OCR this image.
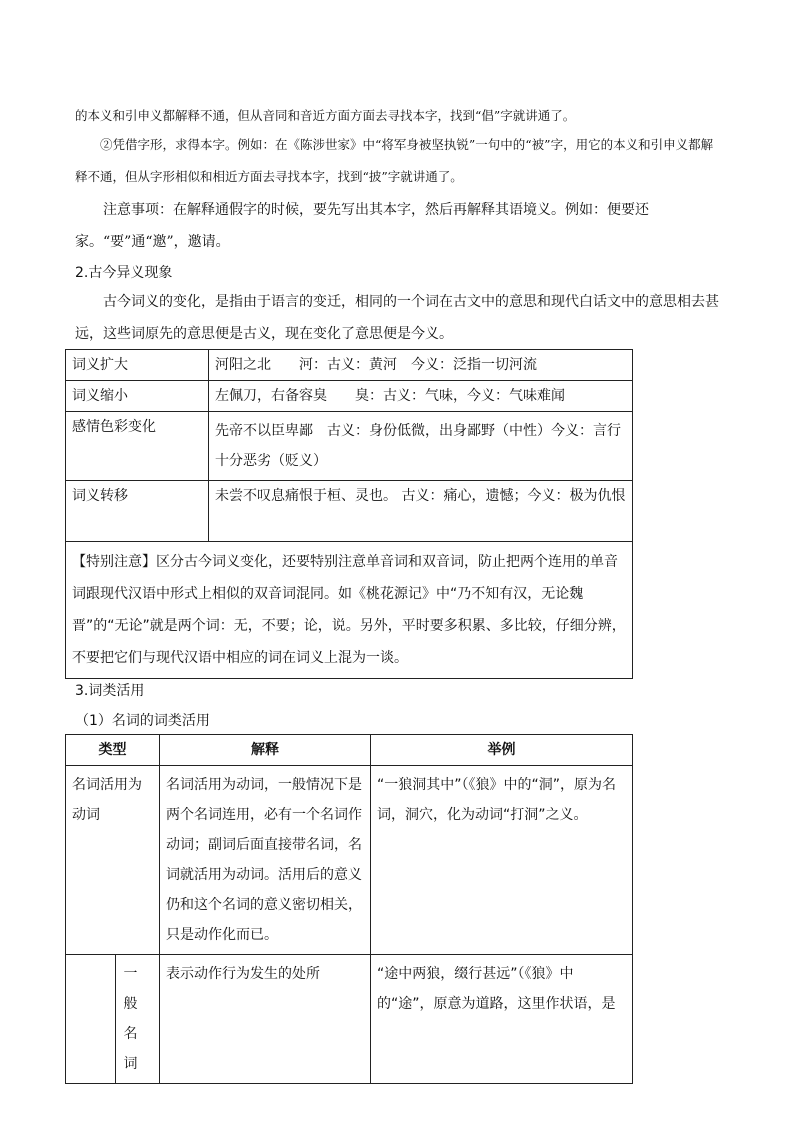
的本义和引申义都解释不通，但从音同和音近方面方面去寻找本字，找到“倡”字就讲通了。
②凭借字形，求得本字。例如：在《陈涉世家》中“将军身被坚执锐”一句中的“被”字，用它的本义和引申义都解释不通，但从字形相似和相近方面去寻找本字，找到“披”字就讲通了。
注意事项：在解释通假字的时候，要先写出其本字，然后再解释其语境义。例如：便要还家。“要”通“邀”，邀请。
2.古今异义现象
古今词义的变化，是指由于语言的变迁，相同的一个词在古文中的意思和现代白话文中的意思相去甚远，这些词原先的意思便是古义，现在变化了意思便是今义。
词义扩大	河阳之北　　河：古义：黄河　今义：泛指一切河流
词义缩小	左佩刀，右备容臭　　臭：古义：气味，今义：气味难闻
感情色彩变化	先帝不以臣卑鄙　古义：身份低微，出身鄙野（中性）今义：言行十分恶劣（贬义）
词义转移	未尝不叹息痛恨于桓、灵也。 古义：痛心，遗憾；今义：极为仇恨
【特别注意】区分古今词义变化，还要特别注意单音词和双音词，防止把两个连用的单音词跟现代汉语中形式上相似的双音词混同。如《桃花源记》中“乃不知有汉，无论魏晋”的“无论”就是两个词：无，不要；论，说。另外，平时要多积累、多比较，仔细分辨，不要把它们与现代汉语中相应的词在词义上混为一谈。	
3.词类活用
（1）名词的词类活用
类型		解释	举例
名词活用为动词		名词活用为动词，一般情况下是两个名词连用，必有一个名词作动词；副词后面直接带名词，名词就活用为动词。活用后的意义仍和这个名词的意义密切相关，只是动作化而已。	“一狼洞其中”（《狼》中的“洞”，原为名词，洞穴，化为动词“打洞”之义。
	一般名词	表示动作行为发生的处所	“途中两狼，缀行甚远”（《狼》中的“途”，原意为道路，这里作状语，是
